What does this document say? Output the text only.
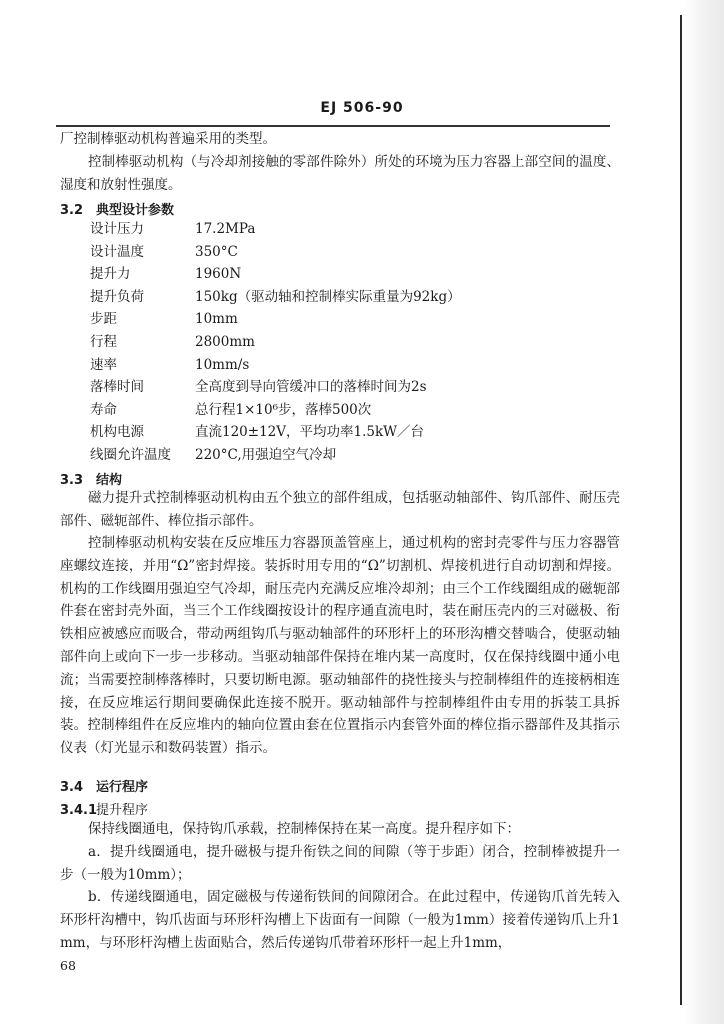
EJ 506-90
厂控制棒驱动机构普遍采用的类型。
控制棒驱动机构（与冷却剂接触的零部件除外）所处的环境为压力容器上部空间的温度、湿度和放射性强度。
3.2 典型设计参数
设计压力	17.2MPa
设计温度	350°C
提升力	1960N
提升负荷	150kg（驱动轴和控制棒实际重量为92kg）
步距	10mm
行程	2800mm
速率	10mm/s
落棒时间	全高度到导向管缓冲口的落棒时间为2s
寿命	总行程1×10⁶步，落棒500次
机构电源	直流120±12V，平均功率1.5kW／台
线圈允许温度 220°C,用强迫空气冷却
3.3 结构
磁力提升式控制棒驱动机构由五个独立的部件组成，包括驱动轴部件、钩爪部件、耐压壳部件、磁轭部件、棒位指示部件。
控制棒驱动机构安装在反应堆压力容器顶盖管座上，通过机构的密封壳零件与压力容器管座螺纹连接，并用“Ω”密封焊接。装拆时用专用的“Ω”切割机、焊接机进行自动切割和焊接。机构的工作线圈用强迫空气冷却，耐压壳内充满反应堆冷却剂；由三个工作线圈组成的磁轭部件套在密封壳外面，当三个工作线圈按设计的程序通直流电时，装在耐压壳内的三对磁极、衔铁相应被感应而吸合，带动两组钩爪与驱动轴部件的环形杆上的环形沟槽交替啮合，使驱动轴部件向上或向下一步一步移动。当驱动轴部件保持在堆内某一高度时，仅在保持线圈中通小电流；当需要控制棒落棒时，只要切断电源。驱动轴部件的挠性接头与控制棒组件的连接柄相连接，在反应堆运行期间要确保此连接不脱开。驱动轴部件与控制棒组件由专用的拆装工具拆装。控制棒组件在反应堆内的轴向位置由套在位置指示内套管外面的棒位指示器部件及其指示仪表（灯光显示和数码装置）指示。
3.4 运行程序
3.4.1提升程序
保持线圈通电，保持钩爪承载，控制棒保持在某一高度。提升程序如下：
a．提升线圈通电，提升磁极与提升衔铁之间的间隙（等于步距）闭合，控制棒被提升一步（一般为10mm）；
b．传递线圈通电，固定磁极与传递衔铁间的间隙闭合。在此过程中，传递钩爪首先转入环形杆沟槽中，钩爪齿面与环形杆沟槽上下齿面有一间隙（一般为1mm）接着传递钩爪上升1mm，与环形杆沟槽上齿面贴合，然后传递钩爪带着环形杆一起上升1mm，
68
